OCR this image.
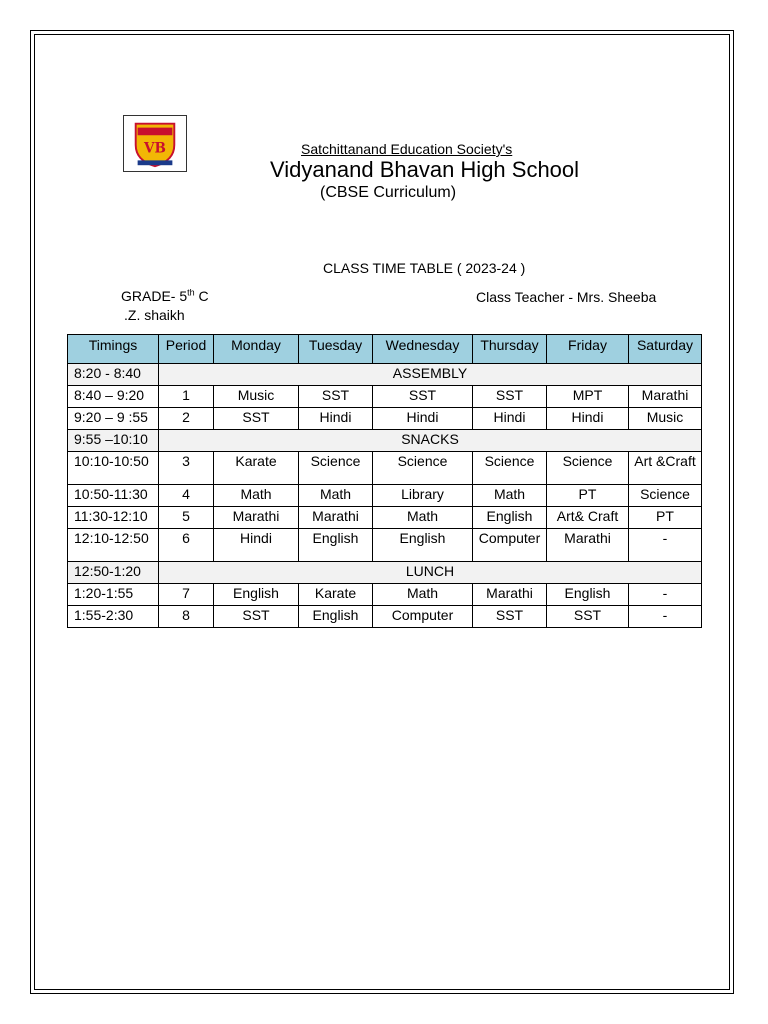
VB	Satchittanand Education Society's
Vidyanand Bhavan High School
(CBSE Curriculum)
CLASS TIME TABLE ( 2023-24 )
GRADE- 5th C	Class Teacher - Mrs. Sheeba
.Z. shaikh
Timings	Period	Monday	Tuesday	Wednesday	Thursday	Friday	Saturday
8:20 - 8:40	ASSEMBLY						
8:40 – 9:20	1	Music	SST	SST	SST	MPT	Marathi
9:20 – 9 :55	2	SST	Hindi	Hindi	Hindi	Hindi	Music
9:55 –10:10	SNACKS						
10:10-10:50	3	Karate	Science	Science	Science	Science	Art &Craft
10:50-11:30	4	Math	Math	Library	Math	PT	Science
11:30-12:10	5	Marathi	Marathi	Math	English	Art& Craft	PT
12:10-12:50	6	Hindi	English	English	Computer	Marathi	-
12:50-1:20	LUNCH						
1:20-1:55	7	English	Karate	Math	Marathi	English	-
1:55-2:30	8	SST	English	Computer	SST	SST	-
